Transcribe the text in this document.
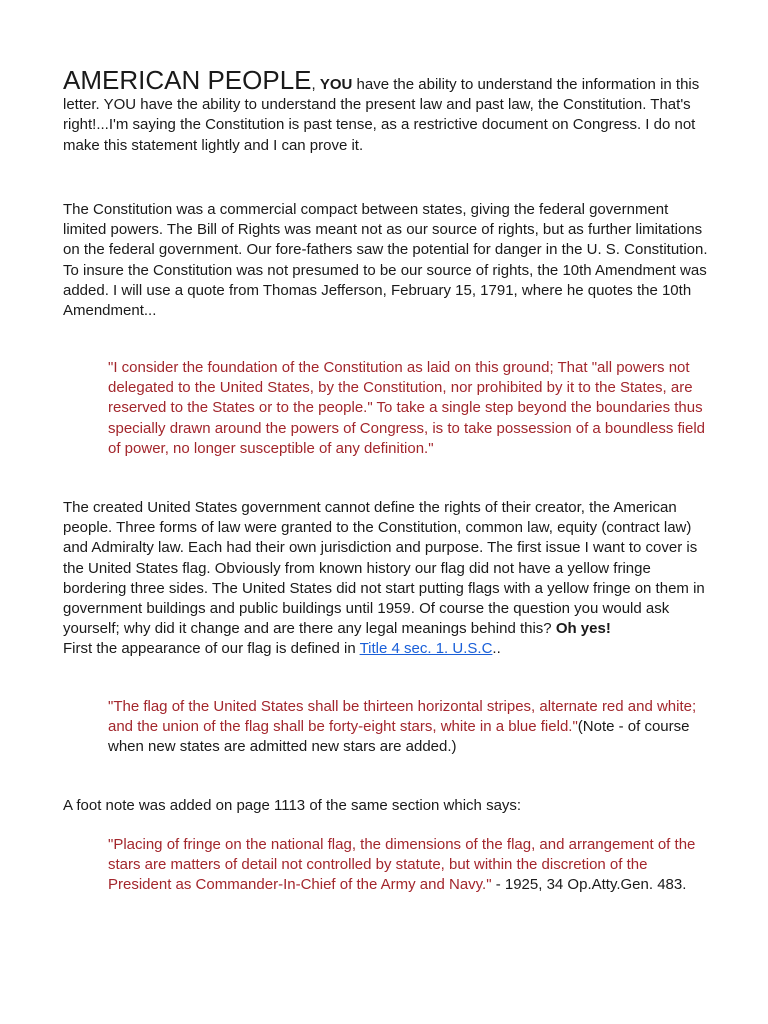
AMERICAN PEOPLE, YOU have the ability to understand the information in this letter. YOU have the ability to understand the present law and past law, the Constitution. That's right!...I'm saying the Constitution is past tense, as a restrictive document on Congress. I do not make this statement lightly and I can prove it.

The Constitution was a commercial compact between states, giving the federal government limited powers. The Bill of Rights was meant not as our source of rights, but as further limitations on the federal government. Our fore-fathers saw the potential for danger in the U. S. Constitution. To insure the Constitution was not presumed to be our source of rights, the 10th Amendment was added. I will use a quote from Thomas Jefferson, February 15, 1791, where he quotes the 10th Amendment...

"I consider the foundation of the Constitution as laid on this ground; That "all powers not delegated to the United States, by the Constitution, nor prohibited by it to the States, are reserved to the States or to the people." To take a single step beyond the boundaries thus specially drawn around the powers of Congress, is to take possession of a boundless field of power, no longer susceptible of any definition."

The created United States government cannot define the rights of their creator, the American people. Three forms of law were granted to the Constitution, common law, equity (contract law) and Admiralty law. Each had their own jurisdiction and purpose. The first issue I want to cover is the United States flag. Obviously from known history our flag did not have a yellow fringe bordering three sides. The United States did not start putting flags with a yellow fringe on them in government buildings and public buildings until 1959. Of course the question you would ask yourself; why did it change and are there any legal meanings behind this? Oh yes!
First the appearance of our flag is defined in Title 4 sec. 1. U.S.C..

"The flag of the United States shall be thirteen horizontal stripes, alternate red and white; and the union of the flag shall be forty-eight stars, white in a blue field."(Note - of course when new states are admitted new stars are added.)

A foot note was added on page 1113 of the same section which says:

"Placing of fringe on the national flag, the dimensions of the flag, and arrangement of the stars are matters of detail not controlled by statute, but within the discretion of the President as Commander-In-Chief of the Army and Navy." - 1925, 34 Op.Atty.Gen. 483.
